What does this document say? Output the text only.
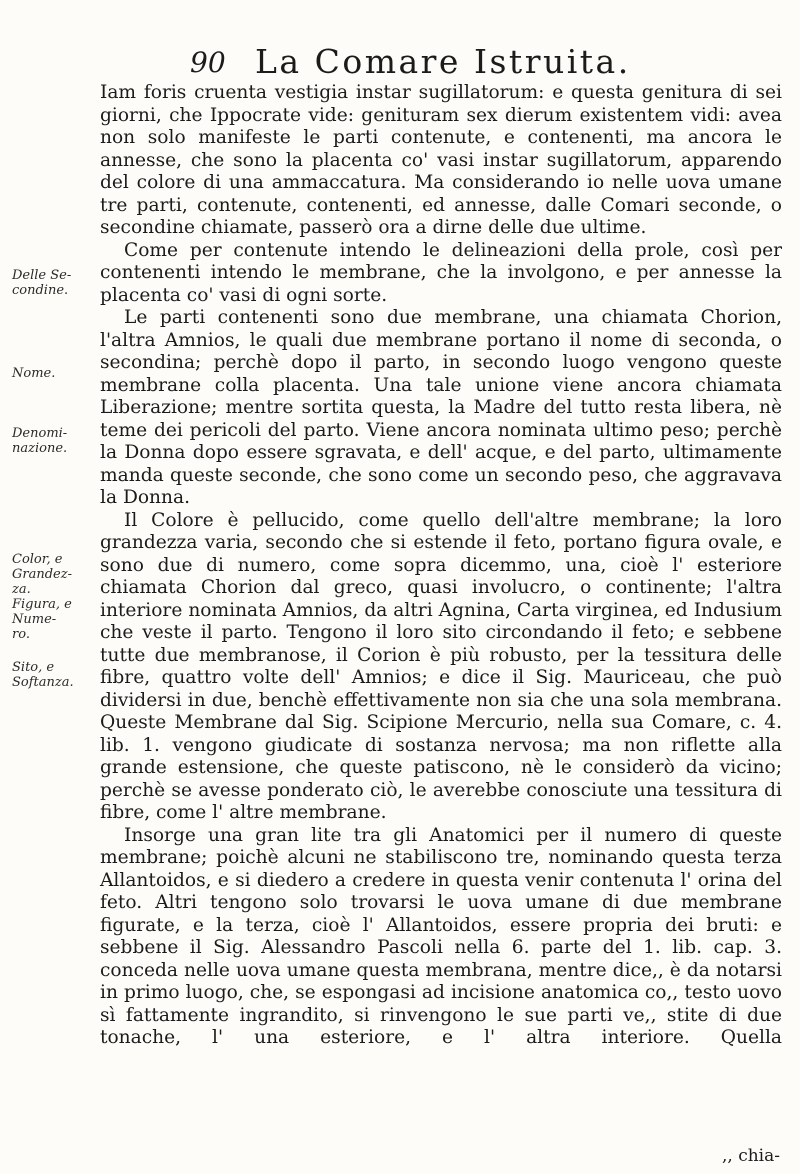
90 La Comare Istruita.
Delle Se-condine.
Nome.
Denomi-nazione.
Color, e Grandez-za. Figura, e Nume-ro.
Sito, e Softanza.

Iam foris cruenta vestigia instar sugillatorum: e questa genitura di sei giorni, che Ippocrate vide: genituram sex dierum existentem vidi: avea non solo manifeste le parti contenute, e contenenti, ma ancora le annesse, che sono la placenta co' vasi instar sugillatorum, apparendo del colore di una ammaccatura. Ma considerando io nelle uova umane tre parti, contenute, contenenti, ed annesse, dalle Comari seconde, o secondine chiamate, passerò ora a dirne delle due ultime.

Come per contenute intendo le delineazioni della prole, così per contenenti intendo le membrane, che la involgono, e per annesse la placenta co' vasi di ogni sorte.

Le parti contenenti sono due membrane, una chiamata Chorion, l'altra Amnios, le quali due membrane portano il nome di seconda, o secondina; perchè dopo il parto, in secondo luogo vengono queste membrane colla placenta. Una tale unione viene ancora chiamata Liberazione; mentre sortita questa, la Madre del tutto resta libera, nè teme dei pericoli del parto. Viene ancora nominata ultimo peso; perchè la Donna dopo essere sgravata, e dell' acque, e del parto, ultimamente manda queste seconde, che sono come un secondo peso, che aggravava la Donna.

Il Colore è pellucido, come quello dell'altre membrane; la loro grandezza varia, secondo che si estende il feto, portano figura ovale, e sono due di numero, come sopra dicemmo, una, cioè l' esteriore chiamata Chorion dal greco, quasi involucro, o continente; l'altra interiore nominata Amnios, da altri Agnina, Carta virginea, ed Indusium che veste il parto. Tengono il loro sito circondando il feto; e sebbene tutte due membranose, il Corion è più robusto, per la tessitura delle fibre, quattro volte dell' Amnios; e dice il Sig. Mauriceau, che può dividersi in due, benchè effettivamente non sia che una sola membrana. Queste Membrane dal Sig. Scipione Mercurio, nella sua Comare, c. 4. lib. 1. vengono giudicate di sostanza nervosa; ma non riflette alla grande estensione, che queste patiscono, nè le considerò da vicino; perchè se avesse ponderato ciò, le averebbe conosciute una tessitura di fibre, come l' altre membrane.

Insorge una gran lite tra gli Anatomici per il numero di queste membrane; poichè alcuni ne stabiliscono tre, nominando questa terza Allantoidos, e si diedero a credere in questa venir contenuta l' orina del feto. Altri tengono solo trovarsi le uova umane di due membrane figurate, e la terza, cioè l' Allantoidos, essere propria dei bruti: e sebbene il Sig. Alessandro Pascoli nella 6. parte del 1. lib. cap. 3. conceda nelle uova umane questa membrana, mentre dice,, è da notarsi in primo luogo, che, se espongasi ad incisione anatomica co,, testo uovo sì fattamente ingrandito, si rinvengono le sue parti ve,, stite di due tonache, l' una esteriore, e l' altra interiore. Quella

,, chia-
